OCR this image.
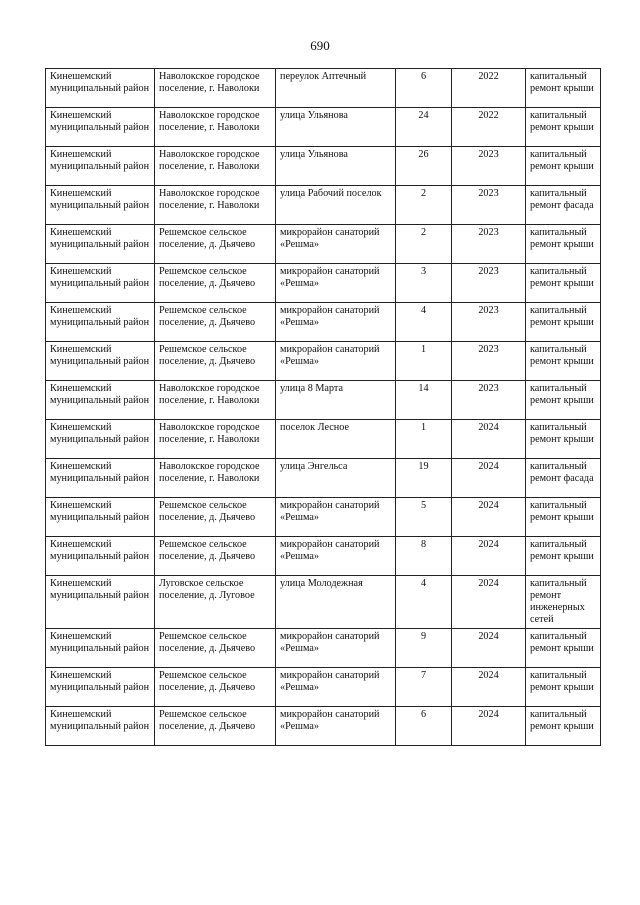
690
Кинешемский муниципальный район	Наволокское городское поселение, г. Наволоки	переулок Аптечный	6	2022	капитальный ремонт крыши
Кинешемский муниципальный район	Наволокское городское поселение, г. Наволоки	улица Ульянова	24	2022	капитальный ремонт крыши
Кинешемский муниципальный район	Наволокское городское поселение, г. Наволоки	улица Ульянова	26	2023	капитальный ремонт крыши
Кинешемский муниципальный район	Наволокское городское поселение, г. Наволоки	улица Рабочий поселок	2	2023	капитальный ремонт фасада
Кинешемский муниципальный район	Решемское сельское поселение, д. Дьячево	микрорайон санаторий «Решма»	2	2023	капитальный ремонт крыши
Кинешемский муниципальный район	Решемское сельское поселение, д. Дьячево	микрорайон санаторий «Решма»	3	2023	капитальный ремонт крыши
Кинешемский муниципальный район	Решемское сельское поселение, д. Дьячево	микрорайон санаторий «Решма»	4	2023	капитальный ремонт крыши
Кинешемский муниципальный район	Решемское сельское поселение, д. Дьячево	микрорайон санаторий «Решма»	1	2023	капитальный ремонт крыши
Кинешемский муниципальный район	Наволокское городское поселение, г. Наволоки	улица 8 Марта	14	2023	капитальный ремонт крыши
Кинешемский муниципальный район	Наволокское городское поселение, г. Наволоки	поселок Лесное	1	2024	капитальный ремонт крыши
Кинешемский муниципальный район	Наволокское городское поселение, г. Наволоки	улица Энгельса	19	2024	капитальный ремонт фасада
Кинешемский муниципальный район	Решемское сельское поселение, д. Дьячево	микрорайон санаторий «Решма»	5	2024	капитальный ремонт крыши
Кинешемский муниципальный район	Решемское сельское поселение, д. Дьячево	микрорайон санаторий «Решма»	8	2024	капитальный ремонт крыши
Кинешемский муниципальный район	Луговское сельское поселение, д. Луговое	улица Молодежная	4	2024	капитальный ремонт инженерных сетей
Кинешемский муниципальный район	Решемское сельское поселение, д. Дьячево	микрорайон санаторий «Решма»	9	2024	капитальный ремонт крыши
Кинешемский муниципальный район	Решемское сельское поселение, д. Дьячево	микрорайон санаторий «Решма»	7	2024	капитальный ремонт крыши
Кинешемский муниципальный район	Решемское сельское поселение, д. Дьячево	микрорайон санаторий «Решма»	6	2024	капитальный ремонт крыши
